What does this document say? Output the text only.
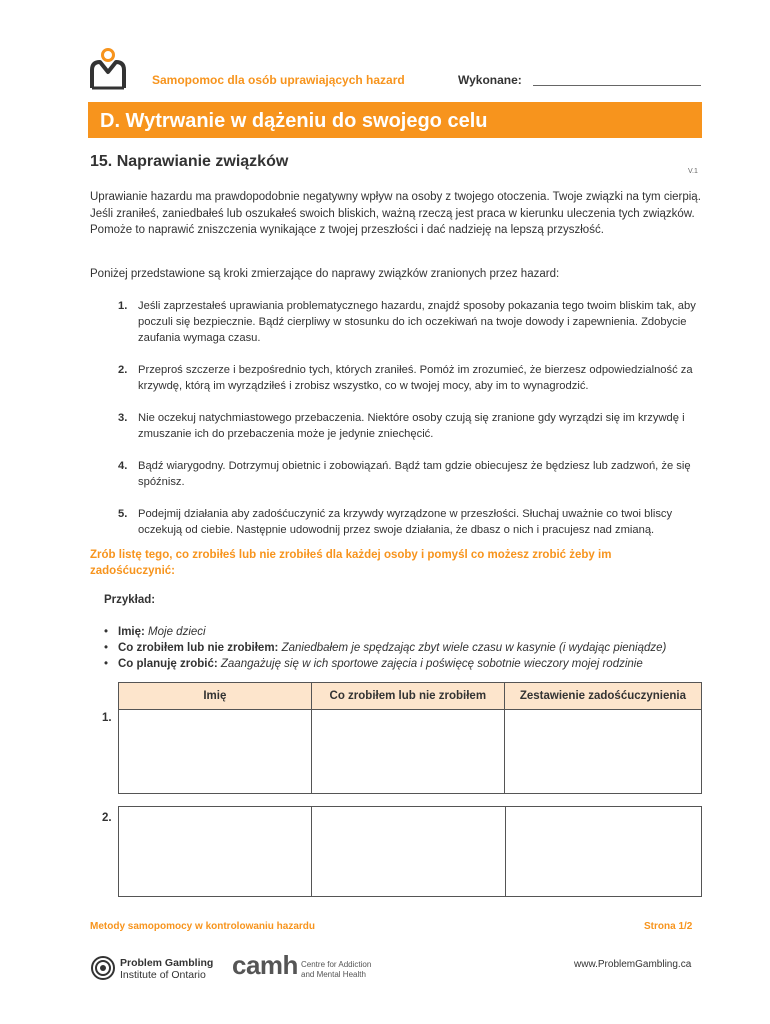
Samopomoc dla osób uprawiających hazard	Wykonane:
D. Wytrwanie w dążeniu do swojego celu
15. Naprawianie związków
V.1

Uprawianie hazardu ma prawdopodobnie negatywny wpływ na osoby z twojego otoczenia. Twoje związki na tym cierpią. Jeśli zraniłeś, zaniedbałeś lub oszukałeś swoich bliskich, ważną rzeczą jest praca w kierunku uleczenia tych związków. Pomoże to naprawić zniszczenia wynikające z twojej przeszłości i dać nadzieję na lepszą przyszłość.

Poniżej przedstawione są kroki zmierzające do naprawy związków zranionych przez hazard:

1. Jeśli zaprzestałeś uprawiania problematycznego hazardu, znajdź sposoby pokazania tego twoim bliskim tak, aby poczuli się bezpiecznie. Bądź cierpliwy w stosunku do ich oczekiwań na twoje dowody i zapewnienia. Zdobycie zaufania wymaga czasu.
2. Przeproś szczerze i bezpośrednio tych, których zraniłeś. Pomóż im zrozumieć, że bierzesz odpowiedzialność za krzywdę, którą im wyrządziłeś i zrobisz wszystko, co w twojej mocy, aby im to wynagrodzić.
3. Nie oczekuj natychmiastowego przebaczenia. Niektóre osoby czują się zranione gdy wyrządzi się im krzywdę i zmuszanie ich do przebaczenia może je jedynie zniechęcić.
4. Bądź wiarygodny. Dotrzymuj obietnic i zobowiązań. Bądź tam gdzie obiecujesz że będziesz lub zadzwoń, że się spóźnisz.
5. Podejmij działania aby zadośćuczynić za krzywdy wyrządzone w przeszłości. Słuchaj uważnie co twoi bliscy oczekują od ciebie. Następnie udowodnij przez swoje działania, że dbasz o nich i pracujesz nad zmianą.

Zrób listę tego, co zrobiłeś lub nie zrobiłeś dla każdej osoby i pomyśl co możesz zrobić żeby im zadośćuczynić:

Przykład:
• Imię: Moje dzieci
• Co zrobiłem lub nie zrobiłem: Zaniedbałem je spędzając zbyt wiele czasu w kasynie (i wydając pieniądze)
• Co planuję zrobić: Zaangażuję się w ich sportowe zajęcia i poświęcę sobotnie wieczory mojej rodzinie
Imię	Co zrobiłem lub nie zrobiłem	Zestawienie zadośćuczynienia

1.

2.
Metody samopomocy w kontrolowaniu hazardu	Strona 1/2
Problem Gambling
Institute of Ontario camh Centre for Addiction
and Mental Health
www.ProblemGambling.ca
